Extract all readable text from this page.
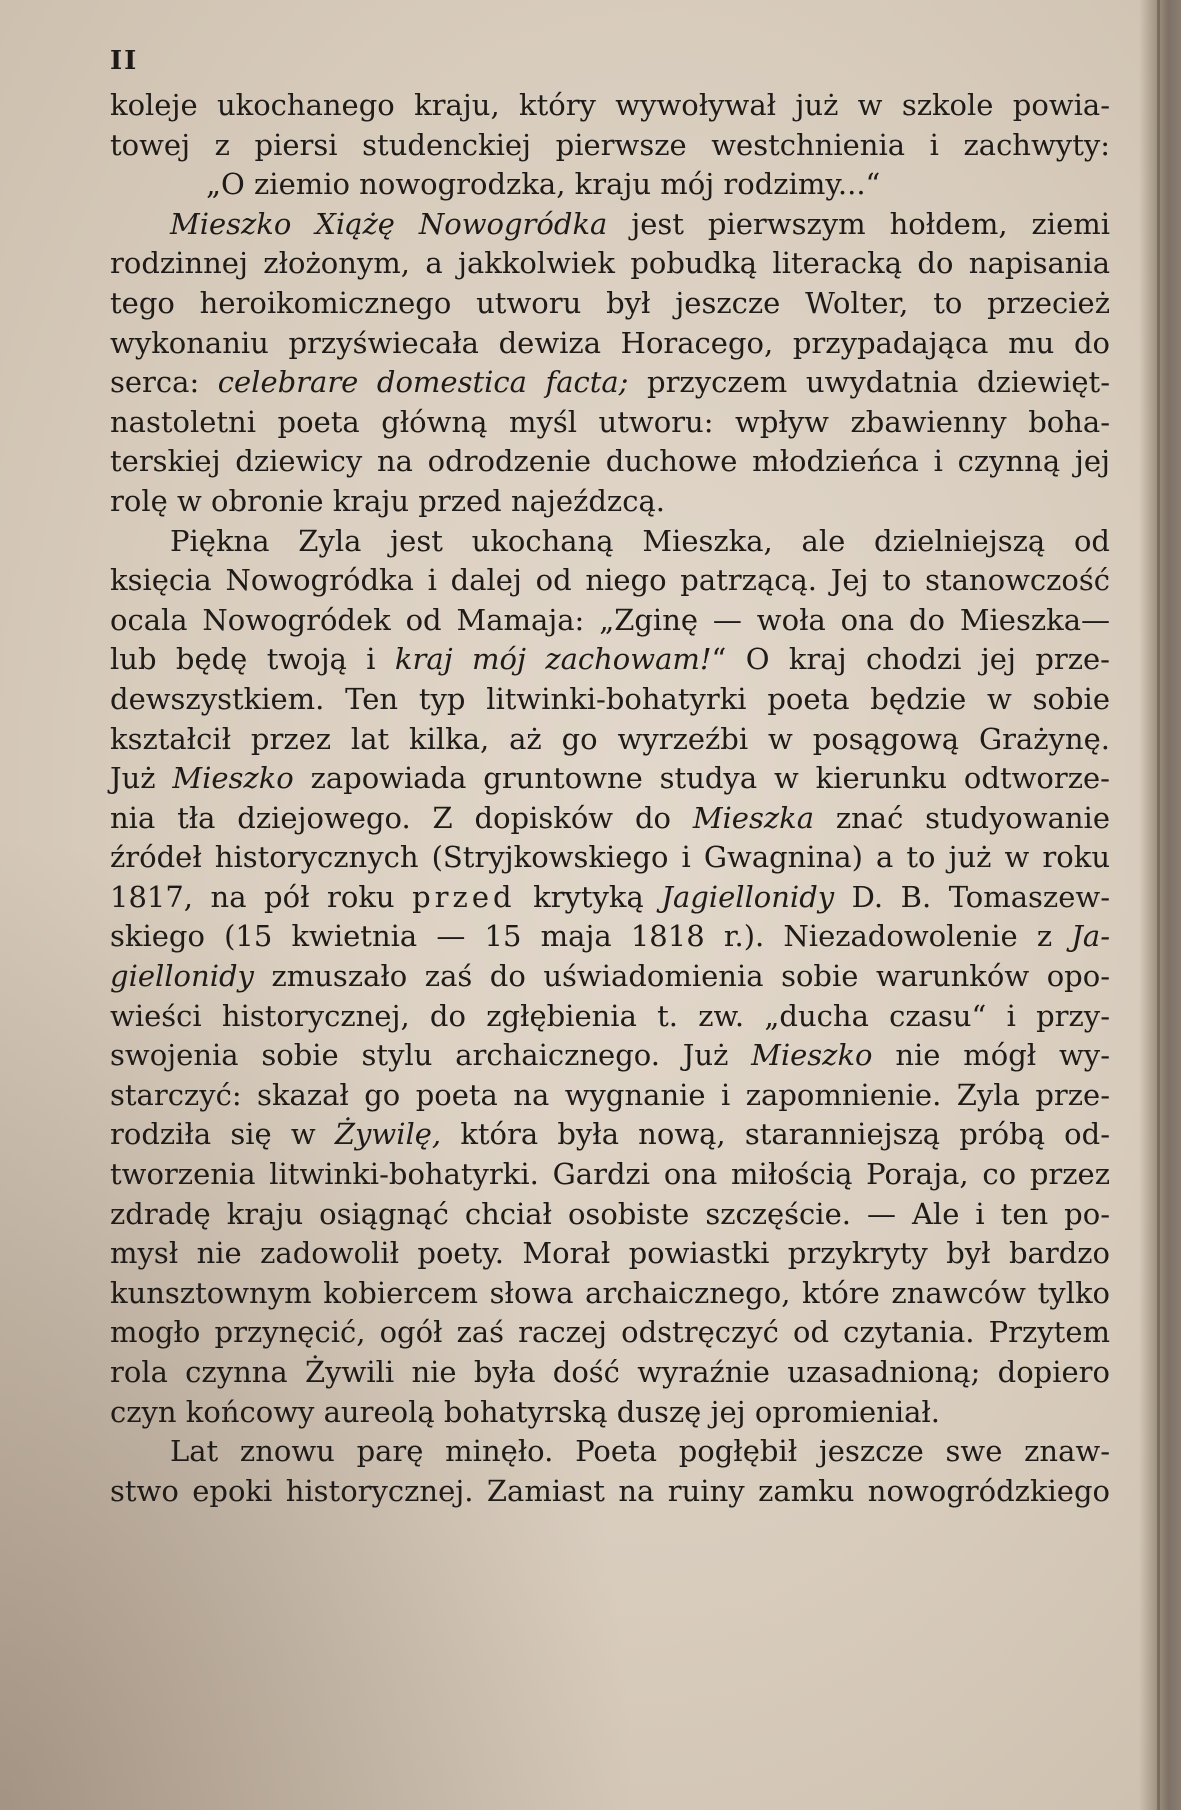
II
koleje ukochanego kraju, który wywoływał już w szkole powia-
towej z piersi studenckiej pierwsze westchnienia i zachwyty:
„O ziemio nowogrodzka, kraju mój rodzimy...“
Mieszko Xiążę Nowogródka jest pierwszym hołdem, ziemi
rodzinnej złożonym, a jakkolwiek pobudką literacką do napisania
tego heroikomicznego utworu był jeszcze Wolter, to przecież
wykonaniu przyświecała dewiza Horacego, przypadająca mu do
serca: celebrare domestica facta; przyczem uwydatnia dziewięt-
nastoletni poeta główną myśl utworu: wpływ zbawienny boha-
terskiej dziewicy na odrodzenie duchowe młodzieńca i czynną jej
rolę w obronie kraju przed najeźdzcą.
Piękna Zyla jest ukochaną Mieszka, ale dzielniejszą od
księcia Nowogródka i dalej od niego patrzącą. Jej to stanowczość
ocala Nowogródek od Mamaja: „Zginę — woła ona do Mieszka—
lub będę twoją i kraj mój zachowam!“ O kraj chodzi jej prze-
dewszystkiem. Ten typ litwinki-bohatyrki poeta będzie w sobie
kształcił przez lat kilka, aż go wyrzeźbi w posągową Grażynę.
Już Mieszko zapowiada gruntowne studya w kierunku odtworze-
nia tła dziejowego. Z dopisków do Mieszka znać studyowanie
źródeł historycznych (Stryjkowskiego i Gwagnina) a to już w roku
1817, na pół roku przed krytyką Jagiellonidy D. B. Tomaszew-
skiego (15 kwietnia — 15 maja 1818 r.). Niezadowolenie z Ja-
giellonidy zmuszało zaś do uświadomienia sobie warunków opo-
wieści historycznej, do zgłębienia t. zw. „ducha czasu“ i przy-
swojenia sobie stylu archaicznego. Już Mieszko nie mógł wy-
starczyć: skazał go poeta na wygnanie i zapomnienie. Zyla prze-
rodziła się w Żywilę, która była nową, staranniejszą próbą od-
tworzenia litwinki-bohatyrki. Gardzi ona miłością Poraja, co przez
zdradę kraju osiągnąć chciał osobiste szczęście. — Ale i ten po-
mysł nie zadowolił poety. Morał powiastki przykryty był bardzo
kunsztownym kobiercem słowa archaicznego, które znawców tylko
mogło przynęcić, ogół zaś raczej odstręczyć od czytania. Przytem
rola czynna Żywili nie była dość wyraźnie uzasadnioną; dopiero
czyn końcowy aureolą bohatyrską duszę jej opromieniał.
Lat znowu parę minęło. Poeta pogłębił jeszcze swe znaw-
stwo epoki historycznej. Zamiast na ruiny zamku nowogródzkiego
